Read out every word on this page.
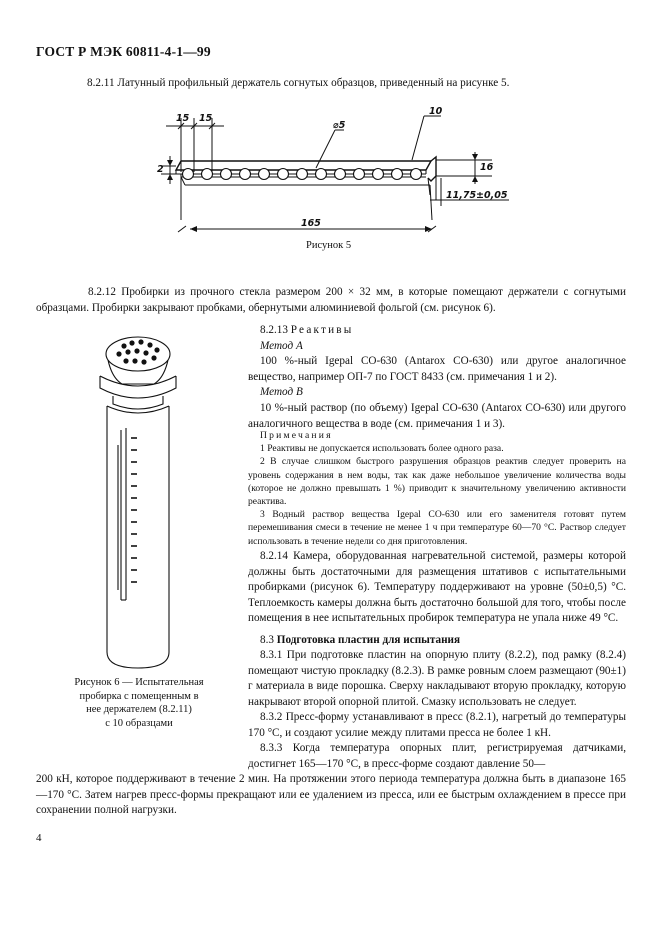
ГОСТ Р МЭК 60811-4-1—99
8.2.11 Латунный профильный держатель согнутых образцов, приведенный на рисунке 5.
15 15
⌀5
10
2	16
11,75±0,05
165
Рисунок 5
8.2.12 Пробирки из прочного стекла размером 200 × 32 мм, в которые помещают держатели с согнутыми образцами. Пробирки закрывают пробками, обернутыми алюминиевой фольгой (см. рисунок 6).
Рисунок 6 — Испытательная
пробирка с помещенным в
нее держателем (8.2.11)
с 10 образцами
8.2.13 Реактивы
Метод А
100 %-ный Igepal CO-630 (Antarox CO-630) или другое аналогичное вещество, например ОП-7 по ГОСТ 8433 (см. примечания 1 и 2).
Метод В
10 %-ный раствор (по объему) Igepal CO-630 (Antarox CO-630) или другого аналогичного вещества в воде (см. примечания 1 и 3).
Примечания
1 Реактивы не допускается использовать более одного раза.
2 В случае слишком быстрого разрушения образцов реактив следует проверить на уровень содержания в нем воды, так как даже небольшое увеличение количества воды (которое не должно превышать 1 %) приводит к значительному увеличению активности реактива.
3 Водный раствор вещества Igepal CO-630 или его заменителя готовят путем перемешивания смеси в течение не менее 1 ч при температуре 60—70 °С. Раствор следует использовать в течение недели со дня приготовления.
8.2.14 Камера, оборудованная нагревательной системой, размеры которой должны быть достаточными для размещения штативов с испытательными пробирками (рисунок 6). Температуру поддерживают на уровне (50±0,5) °С. Теплоемкость камеры должна быть достаточно большой для того, чтобы после помещения в нее испытательных пробирок температура не упала ниже 49 °С.
8.3 Подготовка пластин для испытания
8.3.1 При подготовке пластин на опорную плиту (8.2.2), под рамку (8.2.4) помещают чистую прокладку (8.2.3). В рамке ровным слоем размещают (90±1) г материала в виде порошка. Сверху накладывают вторую прокладку, которую накрывают второй опорной плитой. Смазку использовать не следует.
8.3.2 Пресс-форму устанавливают в пресс (8.2.1), нагретый до температуры 170 °С, и создают усилие между плитами пресса не более 1 кН.
8.3.3 Когда температура опорных плит, регистрируемая датчиками, достигнет 165—170 °С, в пресс-форме создают давление 50—
200 кН, которое поддерживают в течение 2 мин. На протяжении этого периода температура должна быть в диапазоне 165—170 °С. Затем нагрев пресс-формы прекращают или ее удалением из пресса, или ее быстрым охлаждением в прессе при сохранении полной нагрузки.
4
